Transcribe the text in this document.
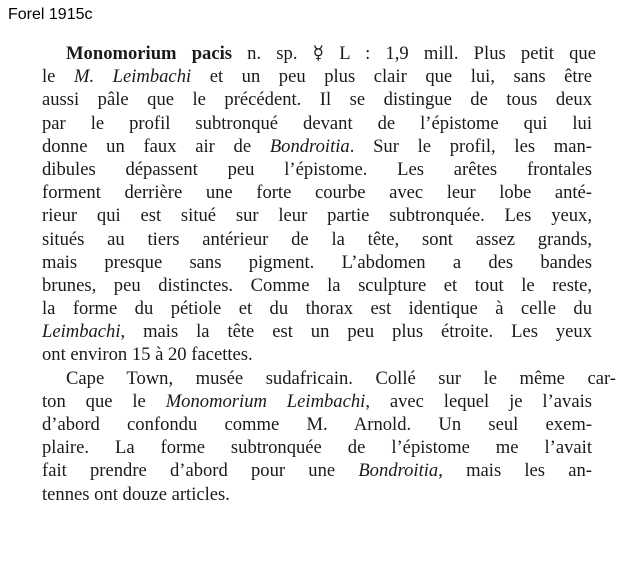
Forel 1915c
Monomorium pacis n. sp. ☿ L : 1,9 mill. Plus petit que
le M. Leimbachi et un peu plus clair que lui, sans être
aussi pâle que le précédent. Il se distingue de tous deux
par le profil subtronqué devant de l’épistome qui lui
donne un faux air de Bondroitia. Sur le profil, les man-
dibules dépassent peu l’épistome. Les arêtes frontales
forment derrière une forte courbe avec leur lobe anté-
rieur qui est situé sur leur partie subtronquée. Les yeux,
situés au tiers antérieur de la tête, sont assez grands,
mais presque sans pigment. L’abdomen a des bandes
brunes, peu distinctes. Comme la sculpture et tout le reste,
la forme du pétiole et du thorax est identique à celle du
Leimbachi, mais la tête est un peu plus étroite. Les yeux
ont environ 15 à 20 facettes.
Cape Town, musée sudafricain. Collé sur le même car-
ton que le Monomorium Leimbachi, avec lequel je l’avais
d’abord confondu comme M. Arnold. Un seul exem-
plaire. La forme subtronquée de l’épistome me l’avait
fait prendre d’abord pour une Bondroitia, mais les an-
tennes ont douze articles.
